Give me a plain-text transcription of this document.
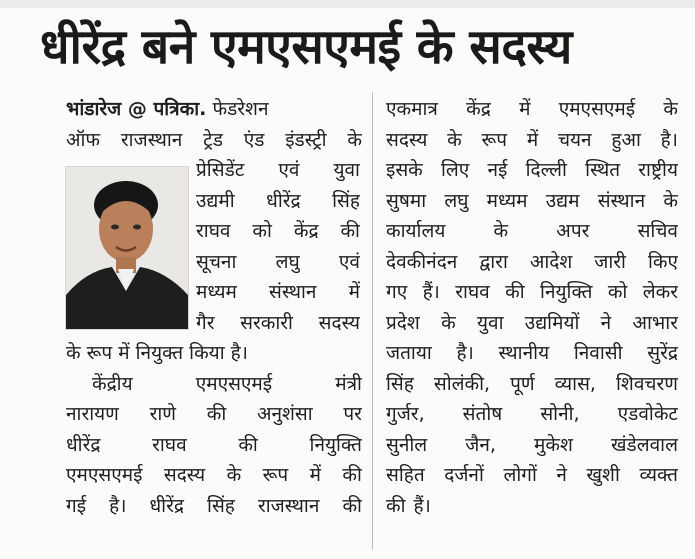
धीरेंद्र बने एमएसएमई के सदस्य
भांडारेज @ पत्रिका. फेडरेशन
ऑफ राजस्थान ट्रेड एंड इंडस्ट्री के
प्रेसिडेंट एवं युवा
उद्यमी धीरेंद्र सिंह
राघव को केंद्र की
सूचना लघु एवं
मध्यम संस्थान में
गैर सरकारी सदस्य
के रूप में नियुक्त किया है।
केंद्रीय	एमएसएमई	मंत्री
नारायण राणे की अनुशंसा पर
धीरेंद्र	राघव	की	नियुक्ति
एमएसएमई सदस्य के रूप में की
गई है। धीरेंद्र सिंह राजस्थान की
एकमात्र केंद्र में एमएसएमई के
सदस्य के रूप में चयन हुआ है।
इसके लिए नई दिल्ली स्थित राष्ट्रीय
सुषमा लघु मध्यम उद्यम संस्थान के
कार्यालय	के	अपर	सचिव
देवकीनंदन द्वारा आदेश जारी किए
गए हैं। राघव की नियुक्ति को लेकर
प्रदेश के युवा उद्यमियों ने आभार
जताया है। स्थानीय निवासी सुरेंद्र
सिंह सोलंकी, पूर्ण व्यास, शिवचरण
गुर्जर, संतोष सोनी, एडवोकेट
सुनील जैन, मुकेश खंडेलवाल
सहित दर्जनों लोगों ने खुशी व्यक्त
की हैं।
